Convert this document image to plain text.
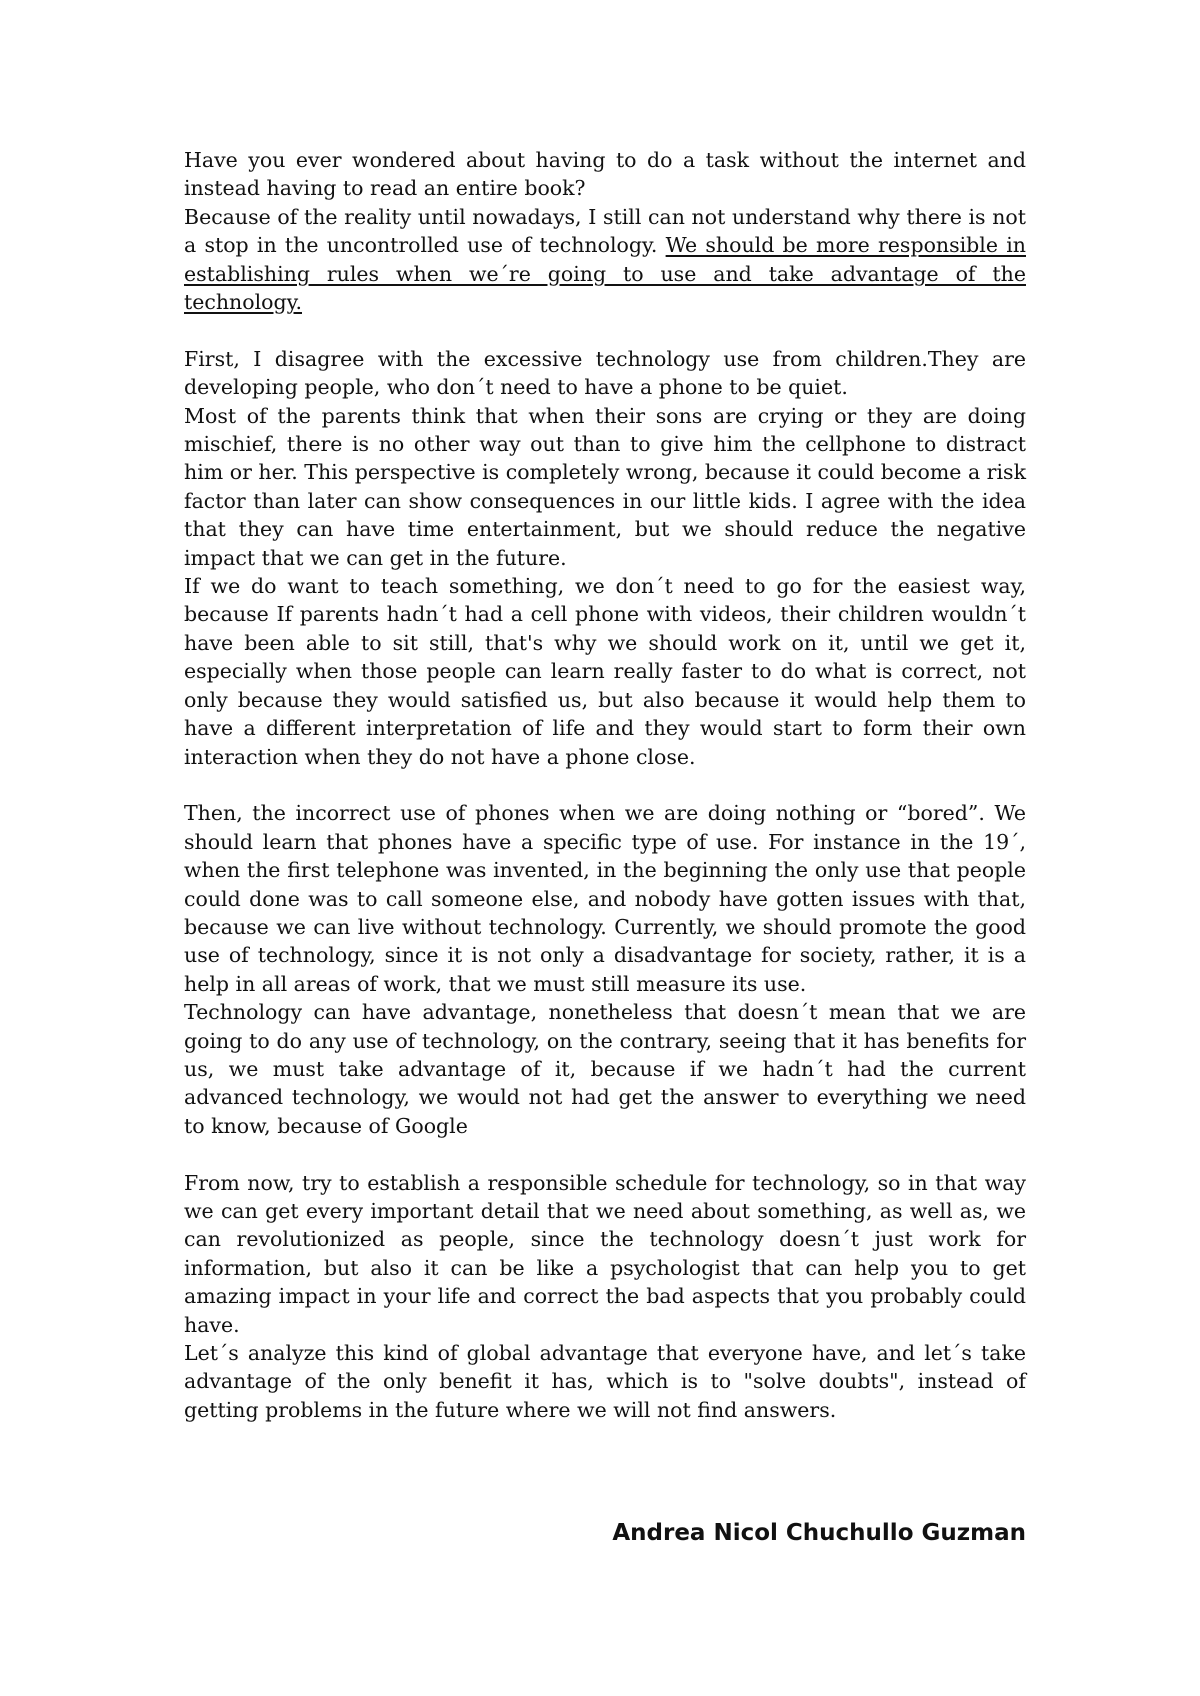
Have you ever wondered about having to do a task without the internet and instead having to read an entire book?

Because of the reality until nowadays, I still can not understand why there is not a stop in the uncontrolled use of technology. We should be more responsible in establishing rules when we´re going to use and take advantage of the technology.

First, I disagree with the excessive technology use from children.They are developing people, who don´t need to have a phone to be quiet.

Most of the parents think that when their sons are crying or they are doing mischief, there is no other way out than to give him the cellphone to distract him or her. This perspective is completely wrong, because it could become a risk factor than later can show consequences in our little kids. I agree with the idea that they can have time entertainment, but we should reduce the negative impact that we can get in the future.

If we do want to teach something, we don´t need to go for the easiest way, because If parents hadn´t had a cell phone with videos, their children wouldn´t have been able to sit still, that's why we should work on it, until we get it, especially when those people can learn really faster to do what is correct, not only because they would satisfied us, but also because it would help them to have a different interpretation of life and they would start to form their own interaction when they do not have a phone close.

Then, the incorrect use of phones when we are doing nothing or “bored”. We should learn that phones have a specific type of use. For instance in the 19´, when the first telephone was invented, in the beginning the only use that people could done was to call someone else, and nobody have gotten issues with that, because we can live without technology. Currently, we should promote the good use of technology, since it is not only a disadvantage for society, rather, it is a help in all areas of work, that we must still measure its use.

Technology can have advantage, nonetheless that doesn´t mean that we are going to do any use of technology, on the contrary, seeing that it has benefits for us, we must take advantage of it, because if we hadn´t had the current advanced technology, we would not had get the answer to everything we need to know, because of Google

From now, try to establish a responsible schedule for technology, so in that way we can get every important detail that we need about something, as well as, we can revolutionized as people, since the technology doesn´t just work for information, but also it can be like a psychologist that can help you to get amazing impact in your life and correct the bad aspects that you probably could have.

Let´s analyze this kind of global advantage that everyone have, and let´s take advantage of the only benefit it has, which is to "solve doubts", instead of getting problems in the future where we will not find answers.

Andrea Nicol Chuchullo Guzman
